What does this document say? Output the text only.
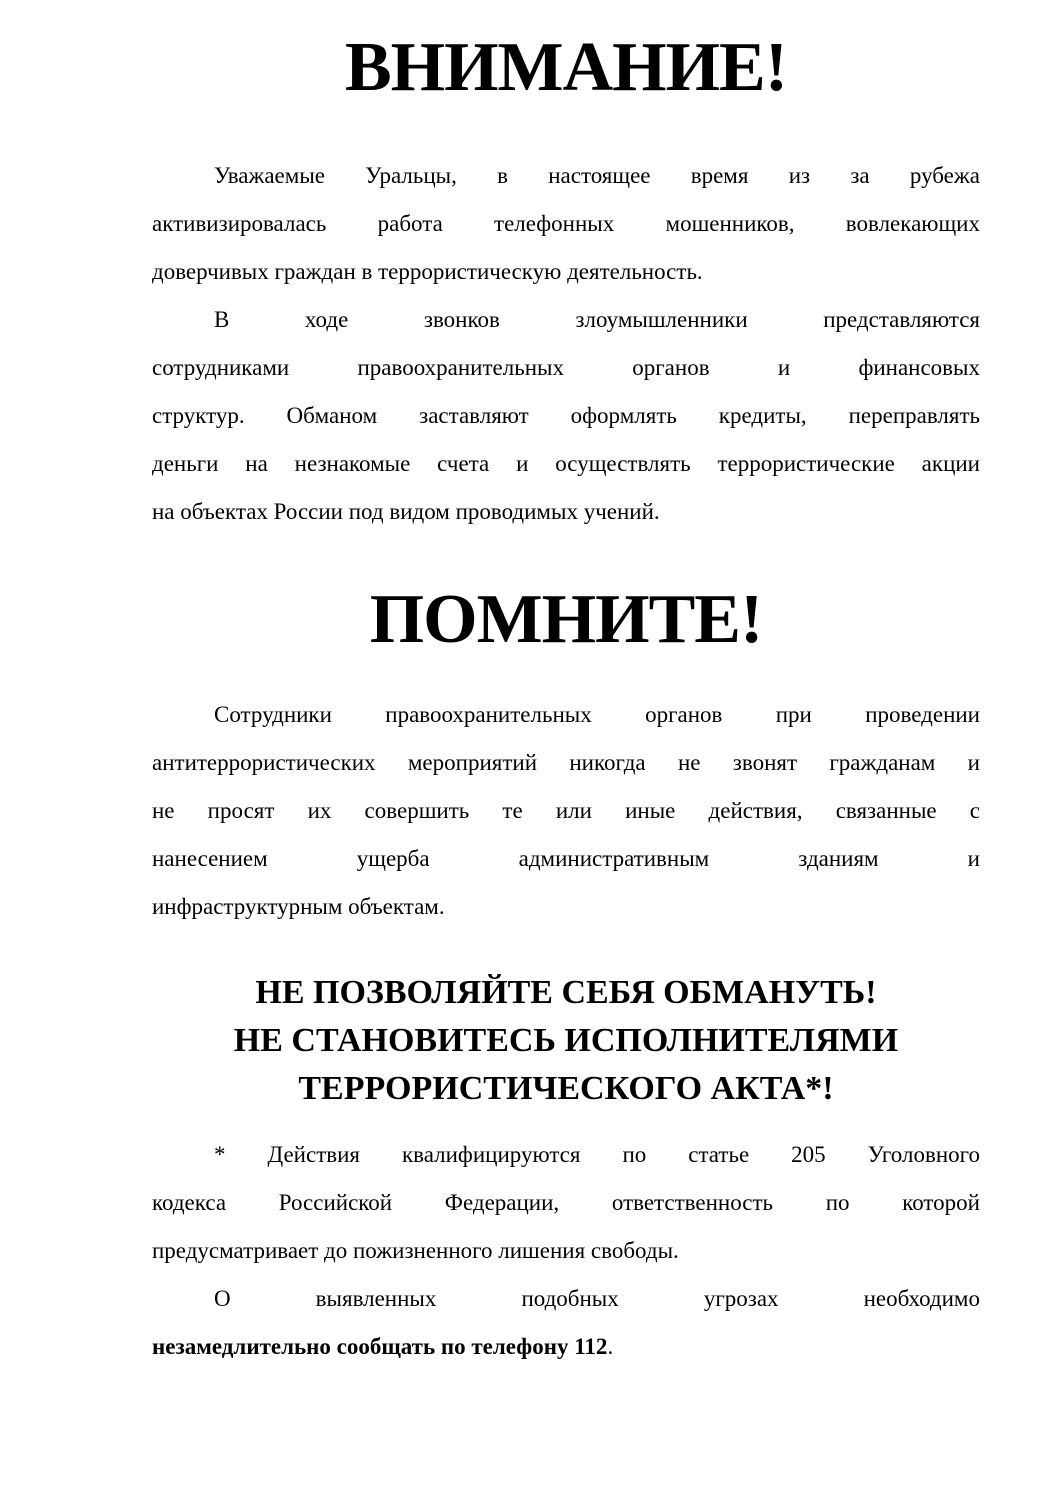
ВНИМАНИЕ!
Уважаемые Уральцы, в настоящее время из за рубежа
активизировалась работа телефонных мошенников, вовлекающих
доверчивых граждан в террористическую деятельность.
В ходе звонков злоумышленники представляются
сотрудниками правоохранительных органов и финансовых
структур. Обманом заставляют оформлять кредиты, переправлять
деньги на незнакомые счета и осуществлять террористические акции
на объектах России под видом проводимых учений.
ПОМНИТЕ!
Сотрудники правоохранительных органов при проведении
антитеррористических мероприятий никогда не звонят гражданам и
не просят их совершить те или иные действия, связанные с
нанесением ущерба административным зданиям и
инфраструктурным объектам.
НЕ ПОЗВОЛЯЙТЕ СЕБЯ ОБМАНУТЬ!
НЕ СТАНОВИТЕСЬ ИСПОЛНИТЕЛЯМИ
ТЕРРОРИСТИЧЕСКОГО АКТА*!
* Действия квалифицируются по статье 205 Уголовного
кодекса Российской Федерации, ответственность по которой
предусматривает до пожизненного лишения свободы.
О выявленных подобных угрозах необходимо
незамедлительно сообщать по телефону 112.
